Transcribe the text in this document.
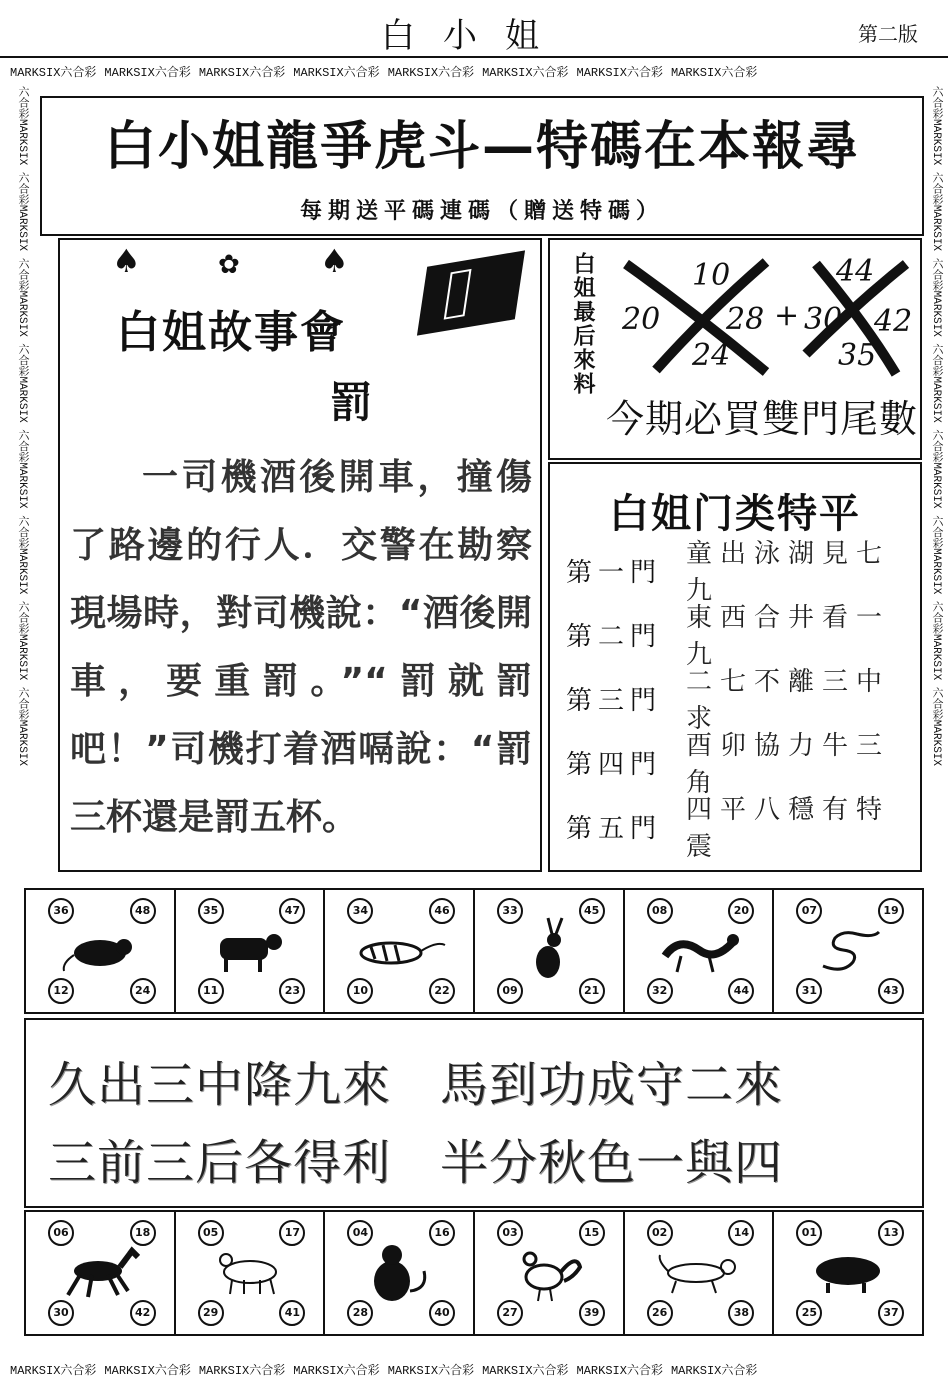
白小姐	第二版
MARKSIX六合彩 MARKSIX六合彩 MARKSIX六合彩 MARKSIX六合彩 MARKSIX六合彩 MARKSIX六合彩 MARKSIX六合彩 MARKSIX六合彩
六合彩MARKSIX 六合彩MARKSIX 六合彩MARKSIX 六合彩MARKSIX 六合彩MARKSIX 六合彩MARKSIX 六合彩MARKSIX 六合彩MARKSIX
六合彩MARKSIX 六合彩MARKSIX 六合彩MARKSIX 六合彩MARKSIX 六合彩MARKSIX 六合彩MARKSIX 六合彩MARKSIX 六合彩MARKSIX
白小姐龍爭虎斗—特碼在本報尋
每期送平碼連碼（贈送特碼）
♠	✿	♠
白姐故事會
罰
一司機酒後開車，撞傷了路邊的行人．交警在勘察現場時，對司機說：“酒後開車，要重罰。”“罰就罰吧！”司機打着酒嗝說：“罰三杯還是罰五杯。
白姐最后來料	10
20
24
28 + 30
44
42
35
今期必買雙門尾數
白姐门类特平
第一門
童出泳湖見七九
第二門
東西合井看一九
第三門
二七不離三中求
第四門
酉卯協力牛三角
第五門
四平八穩有特震
36	48
12	24
35	47
11	23
34	46
10	22
33	45
09	21
08	20
32	44
07	19
31	43
久出三中降九來　馬到功成守二來
三前三后各得利　半分秋色一與四
06	18
30	42
05	17
29	41
04	16
28	40
03	15
27	39
02	14
26	38
01	13
25	37
MARKSIX六合彩 MARKSIX六合彩 MARKSIX六合彩 MARKSIX六合彩 MARKSIX六合彩 MARKSIX六合彩 MARKSIX六合彩 MARKSIX六合彩
